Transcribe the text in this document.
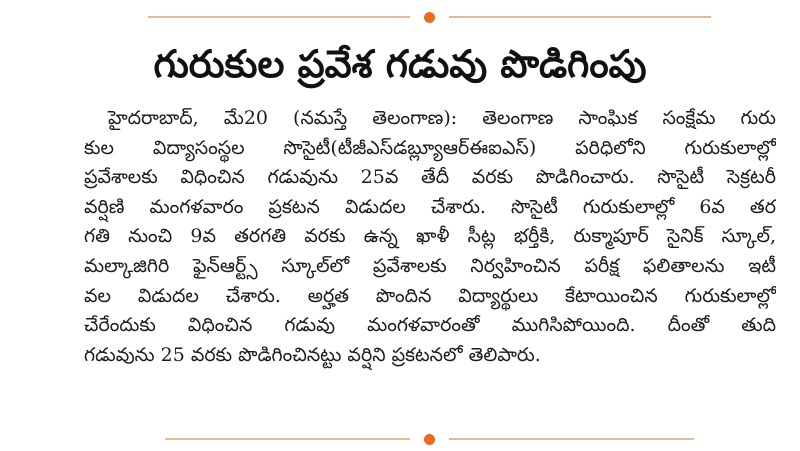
గురుకుల ప్రవేశ గడువు పొడిగింపు
హైదరాబాద్‌, మే20 (నమస్తే తెలంగాణ): తెలంగాణ సాంఘిక సంక్షేమ గురు
కుల విద్యాసంస్థల సొసైటీ(టీజీఎస్‌డబ్ల్యూఆర్‌ఈఐఎస్‌) పరిధిలోని గురుకులాల్లో
ప్రవేశాలకు విధించిన గడువును 25వ తేదీ వరకు పొడిగించారు. సొసైటీ సెక్రటరీ
వర్షిణి మంగళవారం ప్రకటన విడుదల చేశారు. సొసైటీ గురుకులాల్లో 6వ తర
గతి నుంచి 9వ తరగతి వరకు ఉన్న ఖాళీ సీట్ల భర్తీకి, రుక్మాపూర్‌ సైనిక్‌ స్కూల్‌,
మల్కాజిగిరి ఫైన్‌ఆర్ట్స్‌ స్కూల్‌లో ప్రవేశాలకు నిర్వహించిన పరీక్ష ఫలితాలను ఇటీ
వల విడుదల చేశారు. అర్హత పొందిన విద్యార్థులు కేటాయించిన గురుకులాల్లో
చేరేందుకు విధించిన గడువు మంగళవారంతో ముగిసిపోయింది. దీంతో తుది
గడువును 25 వరకు పొడిగించినట్టు వర్షిని ప్రకటనలో తెలిపారు.
